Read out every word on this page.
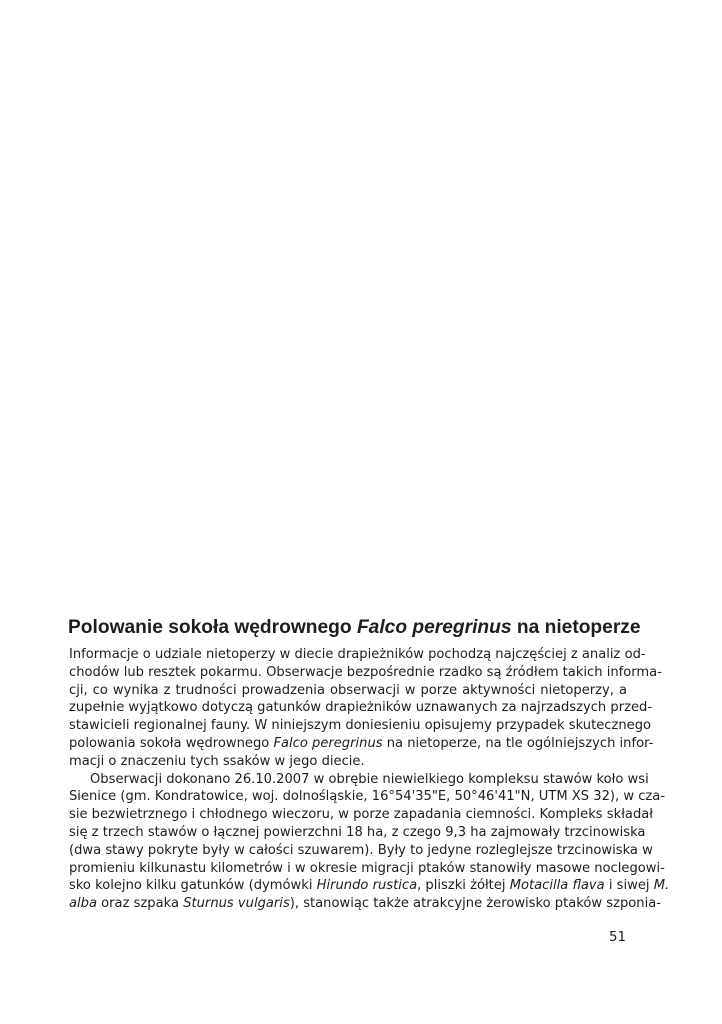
Polowanie sokoła wędrownego Falco peregrinus na nietoperze
Informacje o udziale nietoperzy w diecie drapieżników pochodzą najczęściej z analiz od-
chodów lub resztek pokarmu. Obserwacje bezpośrednie rzadko są źródłem takich informa-
cji, co wynika z trudności prowadzenia obserwacji w porze aktywności nietoperzy, a
zupełnie wyjątkowo dotyczą gatunków drapieżników uznawanych za najrzadszych przed-
stawicieli regionalnej fauny. W niniejszym doniesieniu opisujemy przypadek skutecznego
polowania sokoła wędrownego Falco peregrinus na nietoperze, na tle ogólniejszych infor-
macji o znaczeniu tych ssaków w jego diecie.
Obserwacji dokonano 26.10.2007 w obrębie niewielkiego kompleksu stawów koło wsi
Sienice (gm. Kondratowice, woj. dolnośląskie, 16°54'35"E, 50°46'41"N, UTM XS 32), w cza-
sie bezwietrznego i chłodnego wieczoru, w porze zapadania ciemności. Kompleks składał
się z trzech stawów o łącznej powierzchni 18 ha, z czego 9,3 ha zajmowały trzcinowiska
(dwa stawy pokryte były w całości szuwarem). Były to jedyne rozleglejsze trzcinowiska w
promieniu kilkunastu kilometrów i w okresie migracji ptaków stanowiły masowe noclegowi-
sko kolejno kilku gatunków (dymówki Hirundo rustica, pliszki żółtej Motacilla flava i siwej M.
alba oraz szpaka Sturnus vulgaris), stanowiąc także atrakcyjne żerowisko ptaków szponia-
51
